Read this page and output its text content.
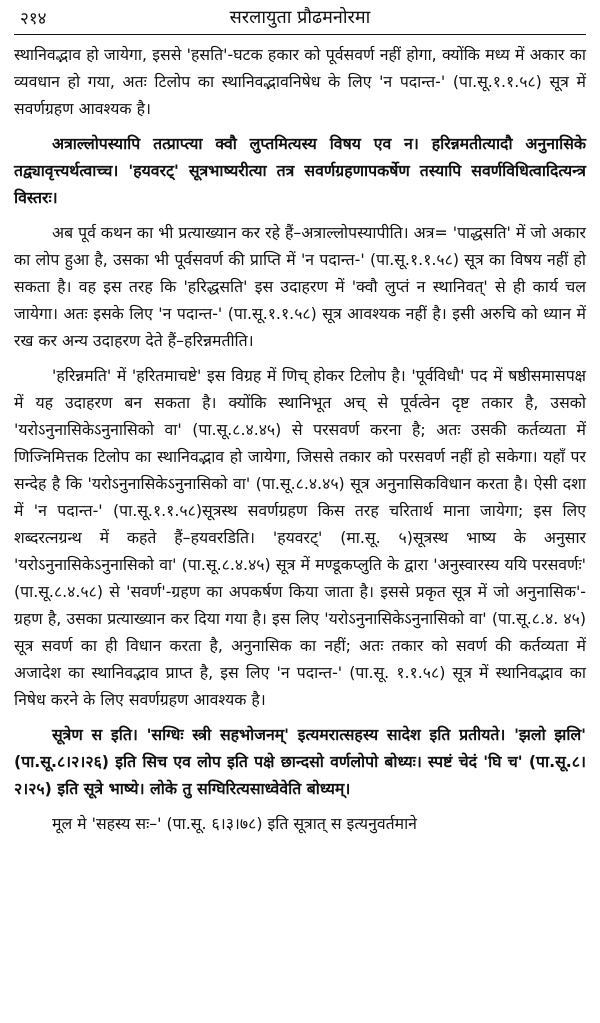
२१४	सरलायुता प्रौढमनोरमा

स्थानिवद्भाव हो जायेगा, इससे 'हसति'-घटक हकार को पूर्वसवर्ण नहीं होगा, क्योंकि मध्य में अकार का व्यवधान हो गया, अतः टिलोप का स्थानिवद्भावनिषेध के लिए 'न पदान्त-' (पा.सू.१.१.५८) सूत्र में सवर्णग्रहण आवश्यक है।

अत्राल्लोपस्यापि तत्प्राप्त्या क्वौ लुप्तमित्यस्य विषय एव न। हरिन्नमतीत्यादौ अनुनासिके तद्व्यावृत्त्यर्थत्वाच्च। 'हयवरट्' सूत्रभाष्यरीत्या तत्र सवर्णग्रहणापकर्षेण तस्यापि सवर्णविधित्वादित्यन्त्र विस्तरः।

अब पूर्व कथन का भी प्रत्याख्यान कर रहे हैं–अत्राल्लोपस्यापीति। अत्र= 'पाद्धसति' में जो अकार का लोप हुआ है, उसका भी पूर्वसवर्ण की प्राप्ति में 'न पदान्त-' (पा.सू.१.१.५८) सूत्र का विषय नहीं हो सकता है। वह इस तरह कि 'हरिद्धसति' इस उदाहरण में 'क्वौ लुप्तं न स्थानिवत्' से ही कार्य चल जायेगा। अतः इसके लिए 'न पदान्त-' (पा.सू.१.१.५८) सूत्र आवश्यक नहीं है। इसी अरुचि को ध्यान में रख कर अन्य उदाहरण देते हैं–हरिन्नमतीति।

'हरिन्नमति' में 'हरितमाचष्टे' इस विग्रह में णिच् होकर टिलोप है। 'पूर्वविधौ' पद में षष्ठीसमासपक्ष में यह उदाहरण बन सकता है। क्योंकि स्थानिभूत अच् से पूर्वत्वेन दृष्ट तकार है, उसको 'यरोऽनुनासिकेऽनुनासिको वा' (पा.सू.८.४.४५) से परसवर्ण करना है; अतः उसकी कर्तव्यता में णिज्निमित्तक टिलोप का स्थानिवद्भाव हो जायेगा, जिससे तकार को परसवर्ण नहीं हो सकेगा। यहाँ पर सन्देह है कि 'यरोऽनुनासिकेऽनुनासिको वा' (पा.सू.८.४.४५) सूत्र अनुनासिकविधान करता है। ऐसी दशा में 'न पदान्त-' (पा.सू.१.१.५८)सूत्रस्थ सवर्णग्रहण किस तरह चरितार्थ माना जायेगा; इस लिए शब्दरत्नग्रन्थ में कहते हैं–हयवरडिति। 'हयवरट्' (मा.सू. ५)सूत्रस्थ भाष्य के अनुसार 'यरोऽनुनासिकेऽनुनासिको वा' (पा.सू.८.४.४५) सूत्र में मण्डूकप्लुति के द्वारा 'अनुस्वारस्य ययि परसवर्णः' (पा.सू.८.४.५८) से 'सवर्ण'-ग्रहण का अपकर्षण किया जाता है। इससे प्रकृत सूत्र में जो अनुनासिक'-ग्रहण है, उसका प्रत्याख्यान कर दिया गया है। इस लिए 'यरोऽनुनासिकेऽनुनासिको वा' (पा.सू.८.४. ४५) सूत्र सवर्ण का ही विधान करता है, अनुनासिक का नहीं; अतः तकार को सवर्ण की कर्तव्यता में अजादेश का स्थानिवद्भाव प्राप्त है, इस लिए 'न पदान्त-' (पा.सू. १.१.५८) सूत्र में स्थानिवद्भाव का निषेध करने के लिए सवर्णग्रहण आवश्यक है।

सूत्रेण स इति। 'सग्धिः स्त्री सहभोजनम्' इत्यमरात्सहस्य सादेश इति प्रतीयते। 'झलो झलि' (पा.सू.८।२।२६) इति सिच एव लोप इति पक्षे छान्दसो वर्णलोपो बोध्यः। स्पष्टं चेदं 'घि च' (पा.सू.८।२।२५) इति सूत्रे भाष्ये। लोके तु सग्घिरित्यसाध्वेवेति बोध्यम्।

मूल मे 'सहस्य सः–' (पा.सू. ६।३।७८) इति सूत्रात् स इत्यनुवर्तमाने
